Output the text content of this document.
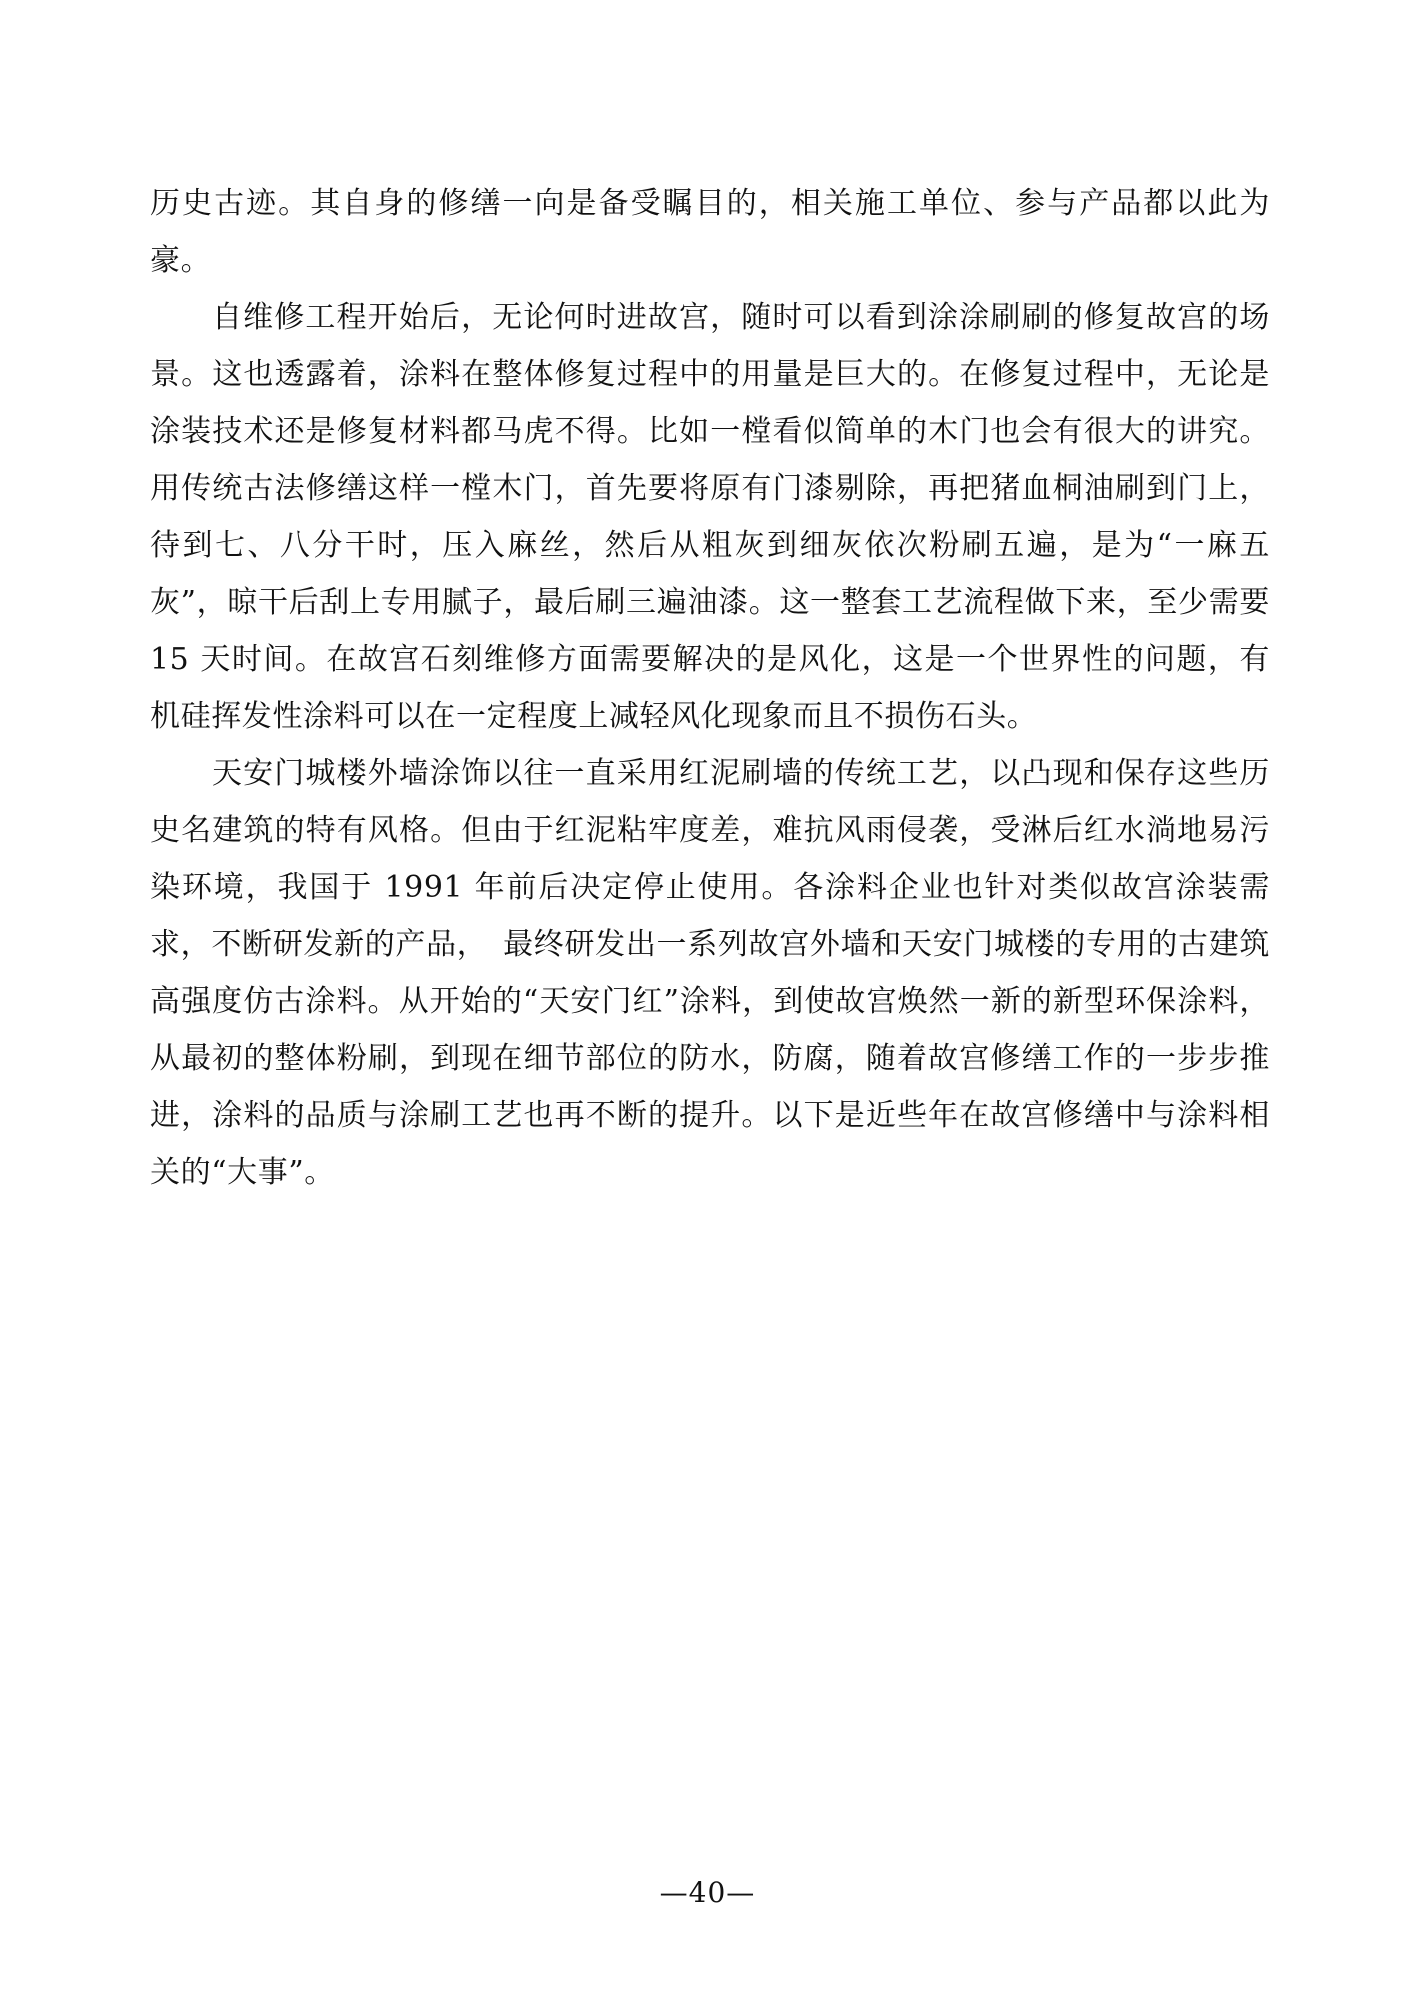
历史古迹。其自身的修缮一向是备受瞩目的，相关施工单位、参与产品都以此为豪。

自维修工程开始后，无论何时进故宫，随时可以看到涂涂刷刷的修复故宫的场景。这也透露着，涂料在整体修复过程中的用量是巨大的。在修复过程中，无论是涂装技术还是修复材料都马虎不得。比如一樘看似简单的木门也会有很大的讲究。用传统古法修缮这样一樘木门，首先要将原有门漆剔除，再把猪血桐油刷到门上，待到七、八分干时，压入麻丝，然后从粗灰到细灰依次粉刷五遍，是为“一麻五灰”，晾干后刮上专用腻子，最后刷三遍油漆。这一整套工艺流程做下来，至少需要 15 天时间。在故宫石刻维修方面需要解决的是风化，这是一个世界性的问题，有机硅挥发性涂料可以在一定程度上减轻风化现象而且不损伤石头。

天安门城楼外墙涂饰以往一直采用红泥刷墙的传统工艺，以凸现和保存这些历史名建筑的特有风格。但由于红泥粘牢度差，难抗风雨侵袭，受淋后红水淌地易污染环境，我国于 1991 年前后决定停止使用。各涂料企业也针对类似故宫涂装需求，不断研发新的产品，　最终研发出一系列故宫外墙和天安门城楼的专用的古建筑高强度仿古涂料。从开始的“天安门红”涂料，到使故宫焕然一新的新型环保涂料，从最初的整体粉刷，到现在细节部位的防水，防腐，随着故宫修缮工作的一步步推进，涂料的品质与涂刷工艺也再不断的提升。以下是近些年在故宫修缮中与涂料相关的“大事”。

—40—
